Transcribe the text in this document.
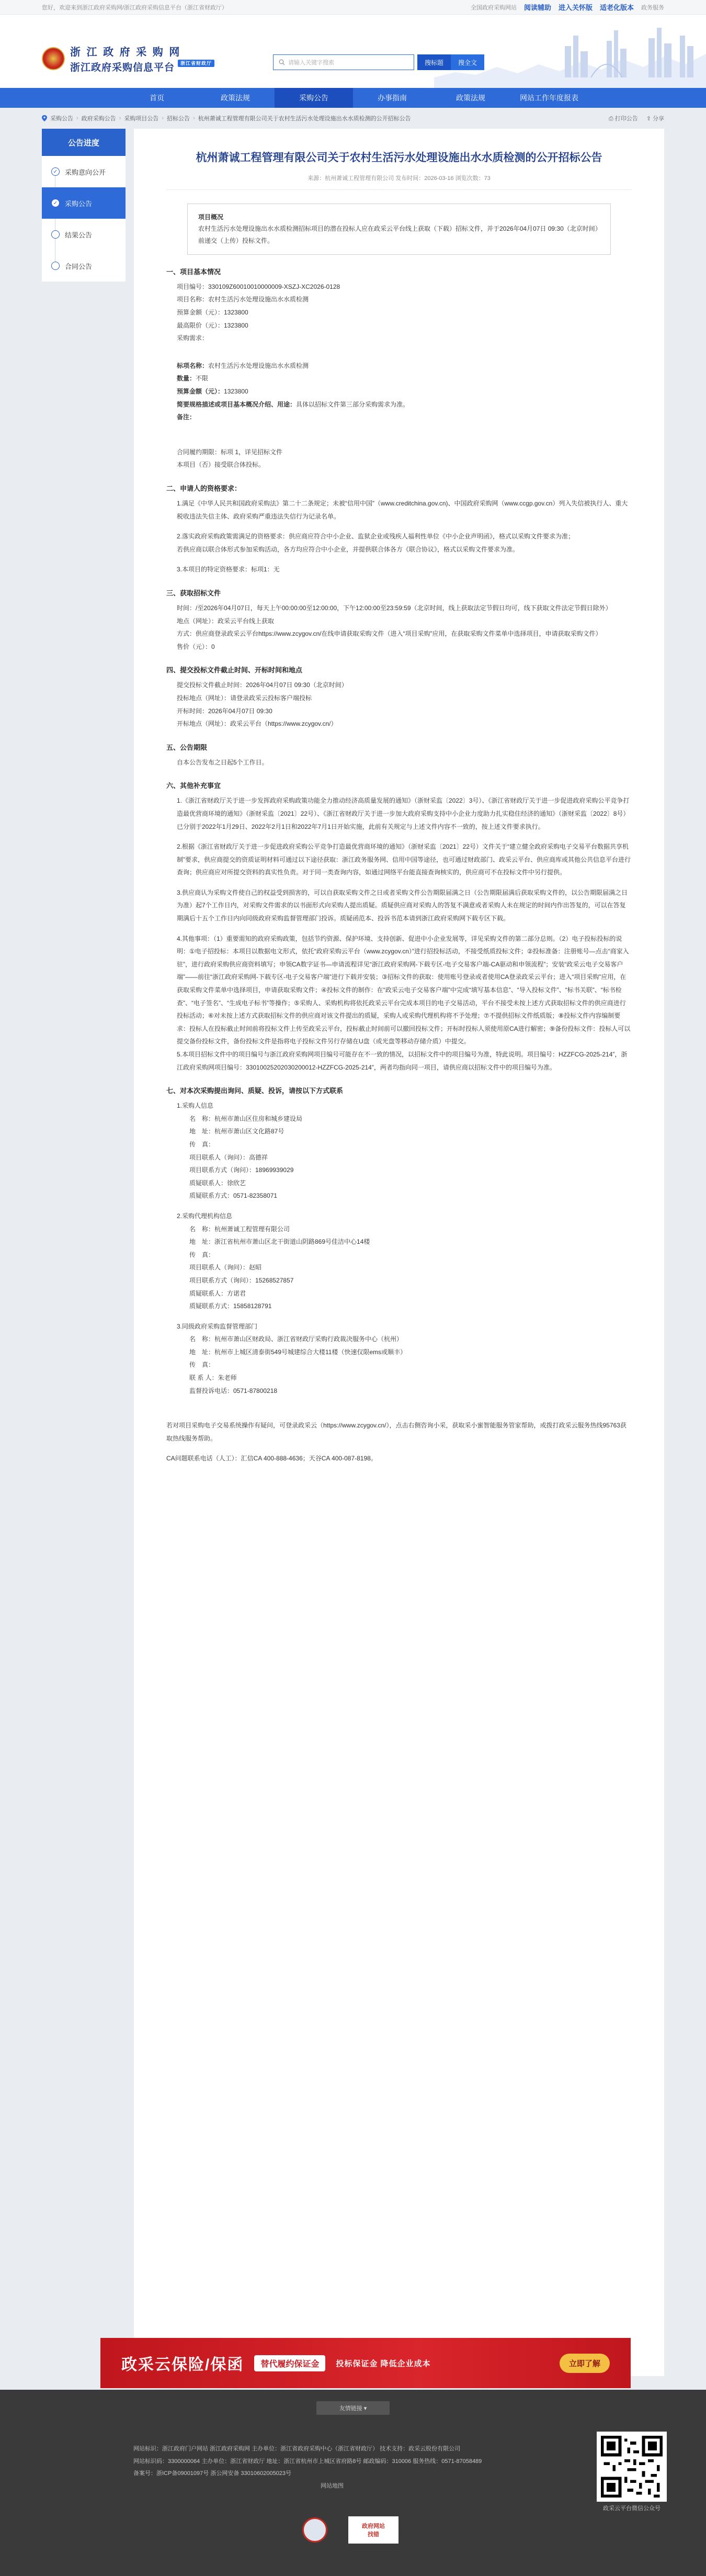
您好，欢迎来到浙江政府采购网/浙江政府采购信息平台（浙江省财政厅）	全国政府采购网站 阅读辅助 进入关怀版 适老化版本 政务服务
浙 江 政 府 采 购 网
浙江政府采购信息平台 $^{浙江省财政厅}$	请输入关键字搜索	搜标题	搜全文
首页	政策法规	采购公告	办事指南	政策法规	网站工作年度报表
采购公告 › 政府采购公告 › 采购项目公告 › 招标公告 › 杭州萧诚工程管理有限公司关于农村生活污水处理设施出水水质检测的公开招标公告	⎙ 打印公告 ⇪ 分享
公告进度
✓ 采购意向公开
✓ 采购公告
结果公告
合同公告
杭州萧诚工程管理有限公司关于农村生活污水处理设施出水水质检测的公开招标公告
来源：杭州萧诚工程管理有限公司 发布时间：2026-03-16 浏览次数：73
项目概况
农村生活污水处理设施出水水质检测招标项目的潜在投标人应在政采云平台线上获取（下载）招标文件，并于2026年04月07日 09:30（北京时间）前递交（上传）投标文件。
一、项目基本情况
项目编号：330109Z60010010000009-XSZJ-XC2026-0128
项目名称：农村生活污水处理设施出水水质检测
预算金额（元）：1323800
最高限价（元）：1323800
采购需求：
标项名称：农村生活污水处理设施出水水质检测
数量：不限
预算金额（元）：1323800
简要规格描述或项目基本概况介绍、用途：具体以招标文件第三部分采购需求为准。
备注：
合同履约期限：标项 1，详见招标文件
本项目（否）接受联合体投标。
二、申请人的资格要求：
1.满足《中华人民共和国政府采购法》第二十二条规定；未被“信用中国”（www.creditchina.gov.cn)、中国政府采购网（www.ccgp.gov.cn）列入失信被执行人、重大税收违法失信主体、政府采购严重违法失信行为记录名单。
2.落实政府采购政策需满足的资格要求：供应商应符合中小企业、监狱企业或残疾人福利性单位《中小企业声明函》，格式以采购文件要求为准；
若供应商以联合体形式参加采购活动，各方均应符合中小企业，并提供联合体各方《联合协议》，格式以采购文件要求为准。
3.本项目的特定资格要求：标项1：无
三、获取招标文件
时间：/至2026年04月07日，每天上午00:00:00至12:00:00，下午12:00:00至23:59:59（北京时间，线上获取法定节假日均可，线下获取文件法定节假日除外）
地点（网址）：政采云平台线上获取
方式：供应商登录政采云平台https://www.zcygov.cn/在线申请获取采购文件（进入“项目采购”应用，在获取采购文件菜单中选择项目，申请获取采购文件）
售价（元）：0
四、提交投标文件截止时间、开标时间和地点
提交投标文件截止时间：2026年04月07日 09:30（北京时间）
投标地点（网址）：请登录政采云投标客户端投标
开标时间：2026年04月07日 09:30
开标地点（网址）：政采云平台（https://www.zcygov.cn/）
五、公告期限
自本公告发布之日起5个工作日。
六、其他补充事宜
1.《浙江省财政厅关于进一步发挥政府采购政策功能全力推动经济高质量发展的通知》（浙财采监〔2022〕3号）、《浙江省财政厅关于进一步促进政府采购公平竞争打造最优营商环境的通知》（浙财采监〔2021〕22号）、《浙江省财政厅关于进一步加大政府采购支持中小企业力度助力扎实稳住经济的通知》（浙财采监〔2022〕8号）已分别于2022年1月29日、2022年2月1日和2022年7月1日开始实施，此前有关规定与上述文件内容不一致的，按上述文件要求执行。
2.根据《浙江省财政厅关于进一步促进政府采购公平竞争打造最优营商环境的通知》（浙财采监〔2021〕22号）文件关于“建立健全政府采购电子交易平台数据共享机制”要求，供应商提交的资质证明材料可通过以下途径获取：浙江政务服务网、信用中国等途径，也可通过财政部门、政采云平台、供应商库或其他公共信息平台进行查询；供应商应对所提交资料的真实性负责。对于同一类查询内容，如通过网络平台能直接查询核实的，供应商可不在投标文件中另行提供。
3.供应商认为采购文件使自己的权益受到损害的，可以自获取采购文件之日或者采购文件公告期限届满之日（公告期限届满后获取采购文件的，以公告期限届满之日为准）起7个工作日内，对采购文件需求的以书面形式向采购人提出质疑。质疑供应商对采购人的答复不满意或者采购人未在规定的时间内作出答复的，可以在答复期满后十五个工作日内向同级政府采购监督管理部门投诉。质疑函范本、投诉书范本请到浙江政府采购网下载专区下载。
4.其他事项：（1）重要需知的政府采购政策，包括节约资源、保护环境、支持创新、促进中小企业发展等，详见采购文件的第二部分总则。（2）电子投标投标的说明：①电子招投标：本项目以数据电文形式，依托“政府采购云平台（www.zcygov.cn）”进行招投标活动，不接受纸质投标文件；②投标准备：注册账号—点击“商家入驻”，进行政府采购供应商资料填写；申领CA数字证书—申请流程详见“浙江政府采购网-下载专区-电子交易客户端-CA驱动和申领流程”；安装“政采云电子交易客户端”——前往“浙江政府采购网-下载专区-电子交易客户端”进行下载并安装；③招标文件的获取：使用账号登录或者使用CA登录政采云平台；进入“项目采购”应用，在获取采购文件菜单中选择项目，申请获取采购文件；④投标文件的制作：在“政采云电子交易客户端”中完成“填写基本信息”、“导入投标文件”、“标书关联”、“标书检查”、“电子签名”、“生成电子标书”等操作；⑤采购人、采购机构将依托政采云平台完成本项目的电子交易活动，平台不接受未按上述方式获取招标文件的供应商进行投标活动；⑥对未按上述方式获取招标文件的供应商对该文件提出的质疑，采购人或采购代理机构将不予处理；⑦不提供招标文件纸质版；⑧投标文件内容编制要求：投标人在投标截止时间前将投标文件上传至政采云平台，投标截止时间前可以撤回投标文件；开标时投标人须使用原CA进行解密；⑨备份投标文件：投标人可以提交备份投标文件，备份投标文件是指将电子投标文件另行存储在U盘（或光盘等移动存储介质）中提交。
5.本项目招标文件中的项目编号与浙江政府采购网项目编号可能存在不一致的情况，以招标文件中的项目编号为准，特此说明。项目编号：HZZFCG-2025-214”，浙江政府采购网项目编号：33010025202030200012-HZZFCG-2025-214”，两者均指向同一项目，请供应商以招标文件中的项目编号为准。
七、对本次采购提出询问、质疑、投诉，请按以下方式联系
1.采购人信息
名　称：杭州市萧山区住房和城乡建设局
地　址：杭州市萧山区文化路87号
传　真：
项目联系人（询问）：高德祥
项目联系方式（询问）：18969939029
质疑联系人：徐欣艺
质疑联系方式：0571-82358071
2.采购代理机构信息
名　称：杭州萧诚工程管理有限公司
地　址：浙江省杭州市萧山区北干街道山阴路869号佳洁中心14楼
传　真：
项目联系人（询问）：赵昭
项目联系方式（询问）：15268527857
质疑联系人：方诺君
质疑联系方式：15858128791
3.同级政府采购监督管理部门
名　称：杭州市萧山区财政局、浙江省财政厅采购行政裁决服务中心（杭州）
地　址：杭州市上城区清泰街549号城建综合大楼11楼（快速仅限ems或顺丰）
传　真：
联 系 人：朱老师
监督投诉电话：0571-87800218
若对项目采购电子交易系统操作有疑问，可登录政采云（https://www.zcygov.cn/），点击右侧咨询小采，获取采小蜜智能服务管家帮助，或拨打政采云服务热线95763获取热线服务帮助。
CA问题联系电话（人工）：汇信CA 400-888-4636；天谷CA 400-087-8198。
政采云保险/保函	替代履约保证金	投标保证金 降低企业成本	立即了解
友情链接 ▾
网站标识：浙江政府门户网站 浙江政府采购网 主办单位：浙江省政府采购中心（浙江省财政厅） 技术支持：政采云股份有限公司
网站标识码：3300000064 主办单位：浙江省财政厅 地址：浙江省杭州市上城区省府路8号 邮政编码：310006 服务热线：0571-87058489
备案号：浙ICP备09001097号 浙公网安备 33010602005023号
网站地图
政采云平台微信公众号
政府网站
找错
